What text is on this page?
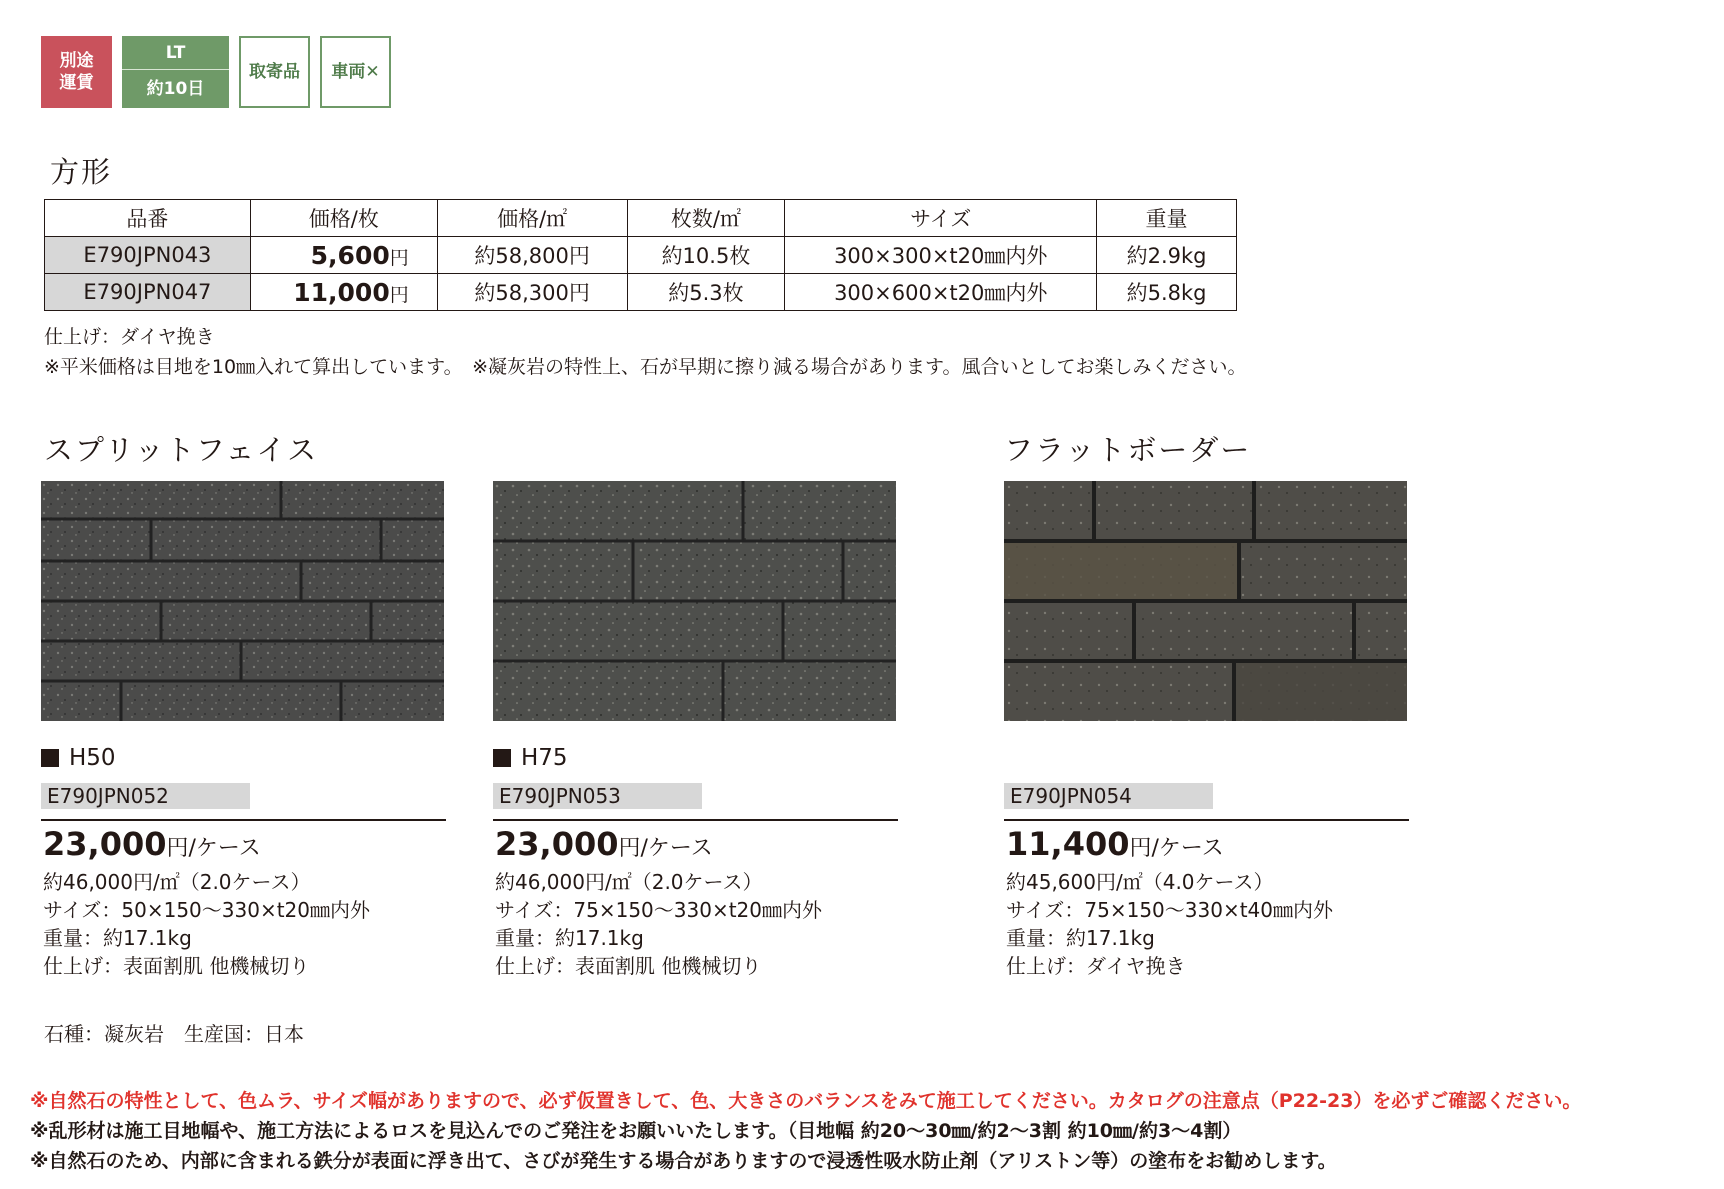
別途
運賃
LT
約10日
取寄品	車両✕
方形
品番	価格/枚	価格/㎡	枚数/㎡	サイズ	重量
E790JPN043	5,600円	約58,800円	約10.5枚	300×300×t20㎜内外	約2.9kg
E790JPN047	11,000円	約58,300円	約5.3枚	300×600×t20㎜内外	約5.8kg
仕上げ：ダイヤ挽き
※平米価格は目地を10㎜入れて算出しています。　※凝灰岩の特性上、石が早期に擦り減る場合があります。風合いとしてお楽しみください。
スプリットフェイス
H50
E790JPN052
23,000円/ケース
約46,000円/㎡（2.0ケース）
サイズ：50×150〜330×t20㎜内外
重量：約17.1kg
仕上げ：表面割肌 他機械切り
H75
E790JPN053
23,000円/ケース
約46,000円/㎡（2.0ケース）
サイズ：75×150〜330×t20㎜内外
重量：約17.1kg
仕上げ：表面割肌 他機械切り
フラットボーダー
E790JPN054
11,400円/ケース
約45,600円/㎡（4.0ケース）
サイズ：75×150〜330×t40㎜内外
重量：約17.1kg
仕上げ：ダイヤ挽き
石種：凝灰岩　生産国：日本
※自然石の特性として、色ムラ、サイズ幅がありますので、必ず仮置きして、色、大きさのバランスをみて施工してください。カタログの注意点（P22-23）を必ずご確認ください。
※乱形材は施工目地幅や、施工方法によるロスを見込んでのご発注をお願いいたします。（目地幅 約20〜30㎜/約2〜3割 約10㎜/約3〜4割）
※自然石のため、内部に含まれる鉄分が表面に浮き出て、さびが発生する場合がありますので浸透性吸水防止剤（アリストン等）の塗布をお勧めします。
